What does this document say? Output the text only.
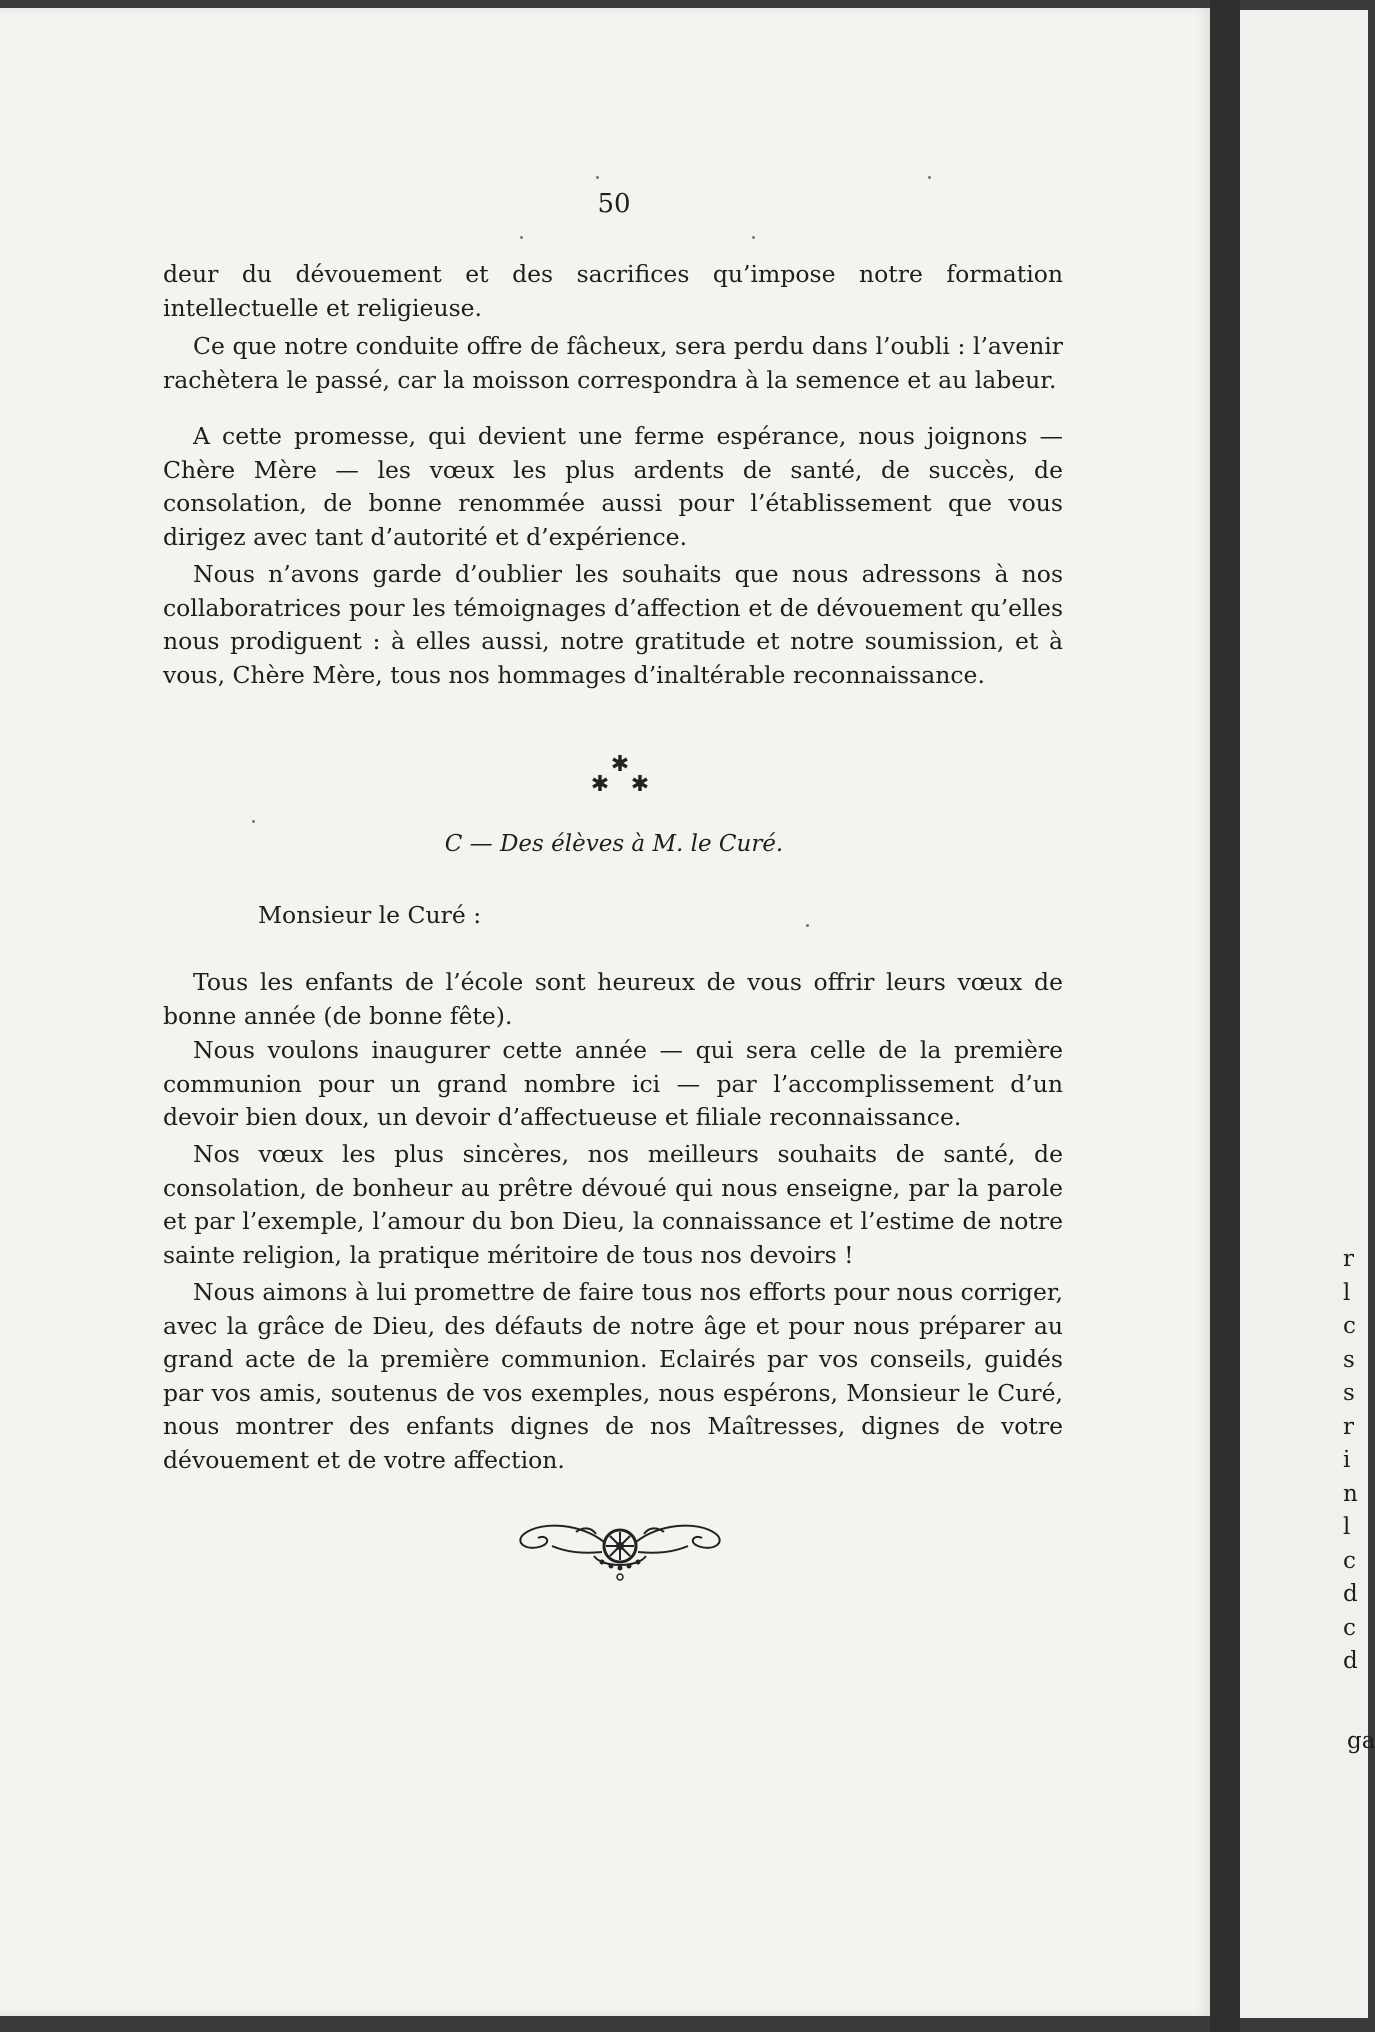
50

deur du dévouement et des sacrifices qu’impose notre formation intellectuelle et religieuse.

Ce que notre conduite offre de fâcheux, sera perdu dans l’oubli : l’avenir rachètera le passé, car la moisson correspondra à la semence et au labeur.

A cette promesse, qui devient une ferme espérance, nous joignons — Chère Mère — les vœux les plus ardents de santé, de succès, de consolation, de bonne renommée aussi pour l’établissement que vous dirigez avec tant d’autorité et d’expérience.

Nous n’avons garde d’oublier les souhaits que nous adressons à nos collaboratrices pour les témoignages d’affection et de dévouement qu’elles nous prodiguent : à elles aussi, notre gratitude et notre soumission, et à vous, Chère Mère, tous nos hommages d’inaltérable reconnaissance.

✱
✱ ✱
C — Des élèves à M. le Curé.
Monsieur le Curé :

Tous les enfants de l’école sont heureux de vous offrir leurs vœux de bonne année (de bonne fête).

Nous voulons inaugurer cette année — qui sera celle de la première communion pour un grand nombre ici — par l’accomplissement d’un devoir bien doux, un devoir d’affectueuse et filiale reconnaissance.

Nos vœux les plus sincères, nos meilleurs souhaits de santé, de consolation, de bonheur au prêtre dévoué qui nous enseigne, par la parole et par l’exemple, l’amour du bon Dieu, la connaissance et l’estime de notre sainte religion, la pratique méritoire de tous nos devoirs !

Nous aimons à lui promettre de faire tous nos efforts pour nous corriger, avec la grâce de Dieu, des défauts de notre âge et pour nous préparer au grand acte de la première communion. Eclairés par vos conseils, guidés par vos amis, soutenus de vos exemples, nous espérons, Monsieur le Curé, nous montrer des enfants dignes de nos Maîtresses, dignes de votre dévouement et de votre affection.

r
l
c
s
s
r
i
n
l
c
d
c
d
ga
